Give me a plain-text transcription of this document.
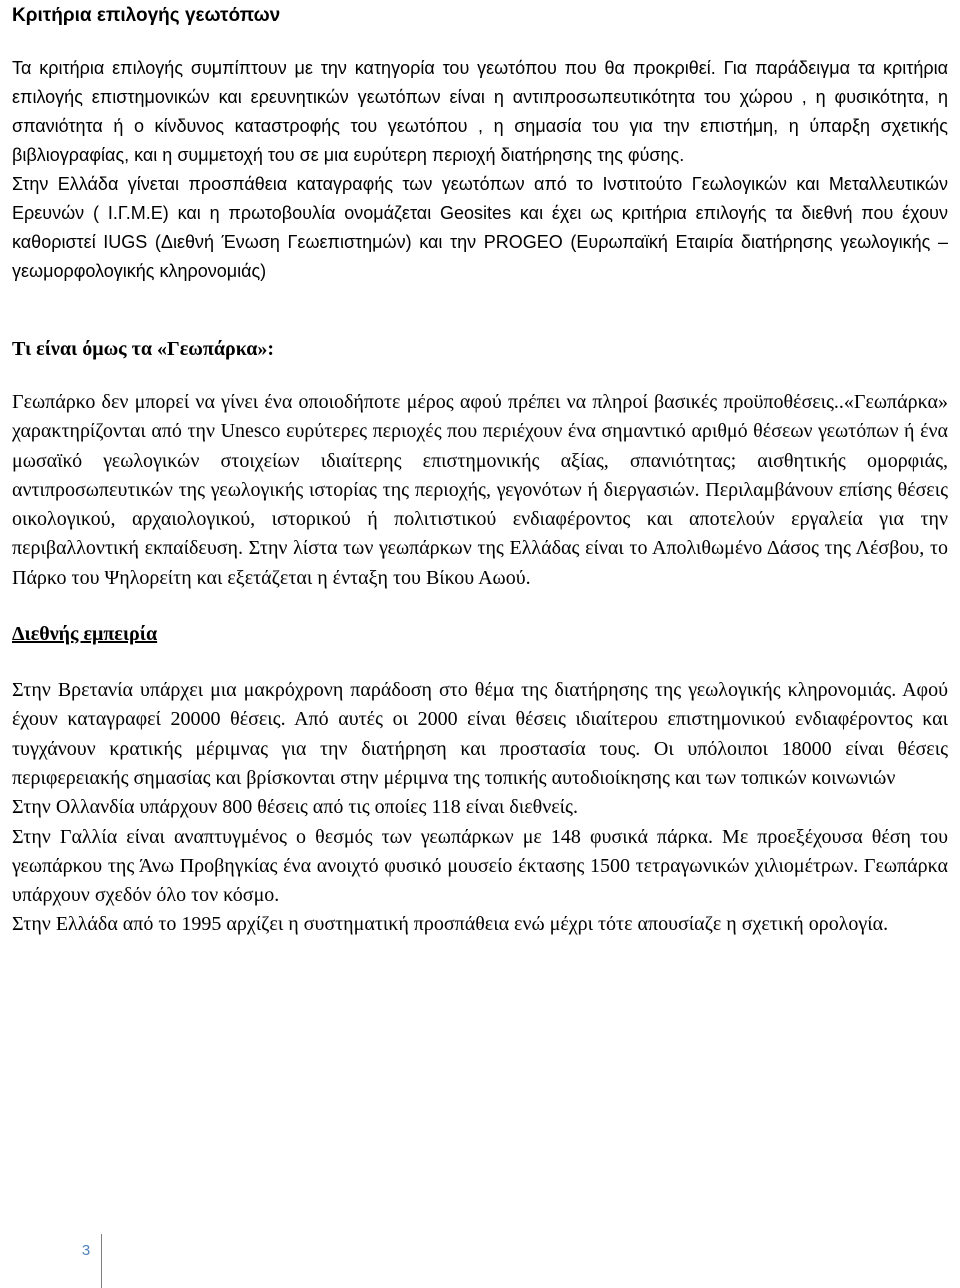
Κριτήρια επιλογής γεωτόπων

Τα κριτήρια επιλογής συμπίπτουν με την κατηγορία του γεωτόπου που θα προκριθεί. Για παράδειγμα τα κριτήρια επιλογής επιστημονικών και ερευνητικών γεωτόπων είναι η αντιπροσωπευτικότητα του χώρου , η φυσικότητα, η σπανιότητα ή ο κίνδυνος καταστροφής του γεωτόπου , η σημασία του για την επιστήμη, η ύπαρξη σχετικής βιβλιογραφίας, και η συμμετοχή του σε μια ευρύτερη περιοχή διατήρησης της φύσης.

Στην Ελλάδα γίνεται προσπάθεια καταγραφής των γεωτόπων από το Ινστιτούτο Γεωλογικών και Μεταλλευτικών Ερευνών ( Ι.Γ.Μ.Ε) και η πρωτοβουλία ονομάζεται Geosites και έχει ως κριτήρια επιλογής τα διεθνή που έχουν καθοριστεί IUGS (Διεθνή Ένωση Γεωεπιστημών) και την PROGEO (Ευρωπαϊκή Εταιρία διατήρησης γεωλογικής – γεωμορφολογικής κληρονομιάς)

Τι είναι όμως τα «Γεωπάρκα»:

Γεωπάρκο δεν μπορεί να γίνει ένα οποιοδήποτε μέρος αφού πρέπει να πληροί βασικές προϋποθέσεις..«Γεωπάρκα» χαρακτηρίζονται από την Unesco ευρύτερες περιοχές που περιέχουν ένα σημαντικό αριθμό θέσεων γεωτόπων ή ένα μωσαϊκό γεωλογικών στοιχείων ιδιαίτερης επιστημονικής αξίας, σπανιότητας; αισθητικής ομορφιάς, αντιπροσωπευτικών της γεωλογικής ιστορίας της περιοχής, γεγονότων ή διεργασιών. Περιλαμβάνουν επίσης θέσεις οικολογικού, αρχαιολογικού, ιστορικού ή πολιτιστικού ενδιαφέροντος και αποτελούν εργαλεία για την περιβαλλοντική εκπαίδευση. Στην λίστα των γεωπάρκων της Ελλάδας είναι το Απολιθωμένο Δάσος της Λέσβου, το Πάρκο του Ψηλορείτη και εξετάζεται η ένταξη του Βίκου Αωού.

Διεθνής εμπειρία

Στην Βρετανία υπάρχει μια μακρόχρονη παράδοση στο θέμα της διατήρησης της γεωλογικής κληρονομιάς. Αφού έχουν καταγραφεί 20000 θέσεις. Από αυτές οι 2000 είναι θέσεις ιδιαίτερου επιστημονικού ενδιαφέροντος και τυγχάνουν κρατικής μέριμνας για την διατήρηση και προστασία τους. Οι υπόλοιποι 18000 είναι θέσεις περιφερειακής σημασίας και βρίσκονται στην μέριμνα της τοπικής αυτοδιοίκησης και των τοπικών κοινωνιών

Στην Ολλανδία υπάρχουν 800 θέσεις από τις οποίες 118 είναι διεθνείς.

Στην Γαλλία είναι αναπτυγμένος ο θεσμός των γεωπάρκων με 148 φυσικά πάρκα. Με προεξέχουσα θέση του γεωπάρκου της Άνω Προβηγκίας ένα ανοιχτό φυσικό μουσείο έκτασης 1500 τετραγωνικών χιλιομέτρων. Γεωπάρκα υπάρχουν σχεδόν όλο τον κόσμο.

Στην Ελλάδα από το 1995 αρχίζει η συστηματική προσπάθεια ενώ μέχρι τότε απουσίαζε η σχετική ορολογία.

3
